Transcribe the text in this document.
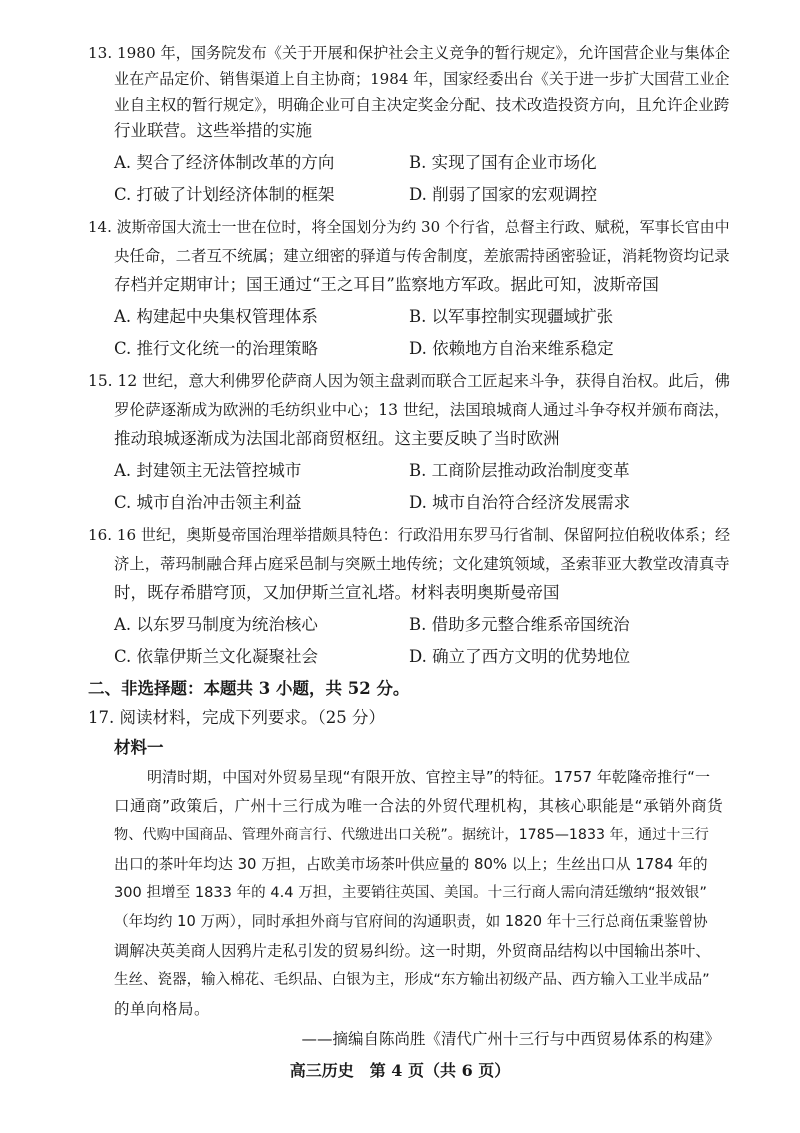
13. 1980 年，国务院发布《关于开展和保护社会主义竞争的暂行规定》，允许国营企业与集体企
业在产品定价、销售渠道上自主协商；1984 年，国家经委出台《关于进一步扩大国营工业企
业自主权的暂行规定》，明确企业可自主决定奖金分配、技术改造投资方向，且允许企业跨
行业联营。这些举措的实施
A. 契合了经济体制改革的方向	B. 实现了国有企业市场化
C. 打破了计划经济体制的框架	D. 削弱了国家的宏观调控
14. 波斯帝国大流士一世在位时，将全国划分为约 30 个行省，总督主行政、赋税，军事长官由中
央任命，二者互不统属；建立细密的驿道与传舍制度，差旅需持函密验证，消耗物资均记录
存档并定期审计；国王通过“王之耳目”监察地方军政。据此可知，波斯帝国
A. 构建起中央集权管理体系	B. 以军事控制实现疆域扩张
C. 推行文化统一的治理策略	D. 依赖地方自治来维系稳定
15. 12 世纪，意大利佛罗伦萨商人因为领主盘剥而联合工匠起来斗争，获得自治权。此后，佛
罗伦萨逐渐成为欧洲的毛纺织业中心；13 世纪，法国琅城商人通过斗争夺权并颁布商法，
推动琅城逐渐成为法国北部商贸枢纽。这主要反映了当时欧洲
A. 封建领主无法管控城市	B. 工商阶层推动政治制度变革
C. 城市自治冲击领主利益	D. 城市自治符合经济发展需求
16. 16 世纪，奥斯曼帝国治理举措颇具特色：行政沿用东罗马行省制、保留阿拉伯税收体系；经
济上，蒂玛制融合拜占庭采邑制与突厥土地传统；文化建筑领域，圣索菲亚大教堂改清真寺
时，既存希腊穹顶，又加伊斯兰宣礼塔。材料表明奥斯曼帝国
A. 以东罗马制度为统治核心	B. 借助多元整合维系帝国统治
C. 依靠伊斯兰文化凝聚社会	D. 确立了西方文明的优势地位
二、非选择题：本题共 3 小题，共 52 分。
17. 阅读材料，完成下列要求。（25 分）
材料一
明清时期，中国对外贸易呈现“有限开放、官控主导”的特征。1757 年乾隆帝推行“一
口通商”政策后，广州十三行成为唯一合法的外贸代理机构，其核心职能是“承销外商货
物、代购中国商品、管理外商言行、代缴进出口关税”。据统计，1785—1833 年，通过十三行
出口的茶叶年均达 30 万担，占欧美市场茶叶供应量的 80% 以上；生丝出口从 1784 年的
300 担增至 1833 年的 4.4 万担，主要销往英国、美国。十三行商人需向清廷缴纳“报效银”
（年均约 10 万两），同时承担外商与官府间的沟通职责，如 1820 年十三行总商伍秉鉴曾协
调解决英美商人因鸦片走私引发的贸易纠纷。这一时期，外贸商品结构以中国输出茶叶、
生丝、瓷器，输入棉花、毛织品、白银为主，形成“东方输出初级产品、西方输入工业半成品”
的单向格局。
——摘编自陈尚胜《清代广州十三行与中西贸易体系的构建》
高三历史　第 4 页（共 6 页）
